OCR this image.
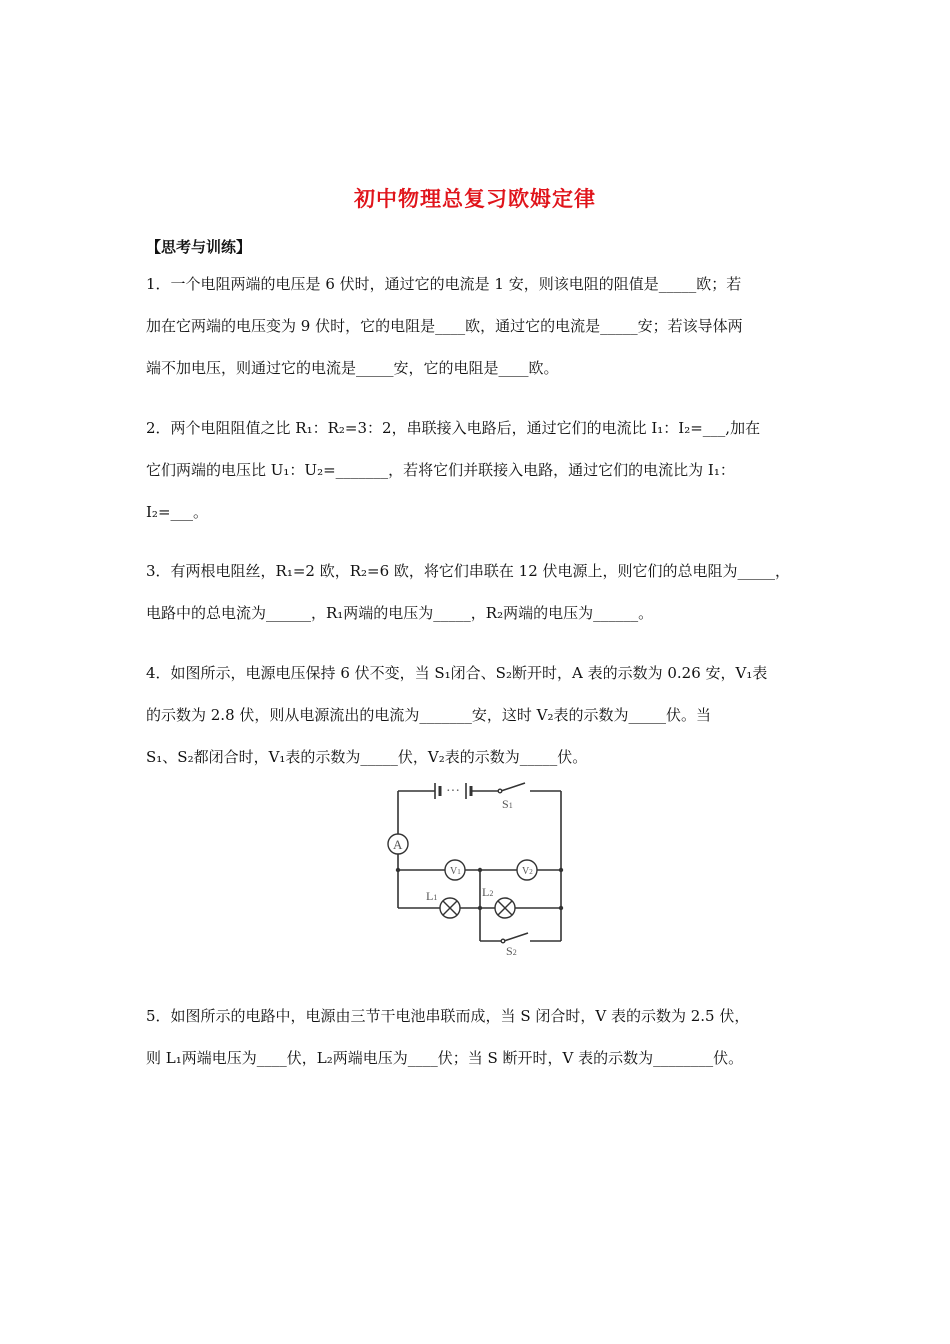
初中物理总复习欧姆定律
【思考与训练】
1．一个电阻两端的电压是 6 伏时，通过它的电流是 1 安，则该电阻的阻值是_____欧；若
加在它两端的电压变为 9 伏时，它的电阻是____欧，通过它的电流是_____安；若该导体两
端不加电压，则通过它的电流是_____安，它的电阻是____欧。
2．两个电阻阻值之比 R₁：R₂=3：2，串联接入电路后，通过它们的电流比 I₁：I₂=___,加在
它们两端的电压比 U₁：U₂=_______，若将它们并联接入电路，通过它们的电流比为 I₁：
I₂=___。
3．有两根电阻丝，R₁=2 欧，R₂=6 欧，将它们串联在 12 伏电源上，则它们的总电阻为_____，
电路中的总电流为______，R₁两端的电压为_____，R₂两端的电压为______。
4．如图所示，电源电压保持 6 伏不变，当 S₁闭合、S₂断开时，A 表的示数为 0.26 安，V₁表
的示数为 2.8 伏，则从电源流出的电流为_______安，这时 V₂表的示数为_____伏。当
S₁、S₂都闭合时，V₁表的示数为_____伏，V₂表的示数为_____伏。
···
A
V1	V2
S1
L1	L2
S2
5．如图所示的电路中，电源由三节干电池串联而成，当 S 闭合时，V 表的示数为 2.5 伏，
则 L₁两端电压为____伏，L₂两端电压为____伏；当 S 断开时，V 表的示数为________伏。
